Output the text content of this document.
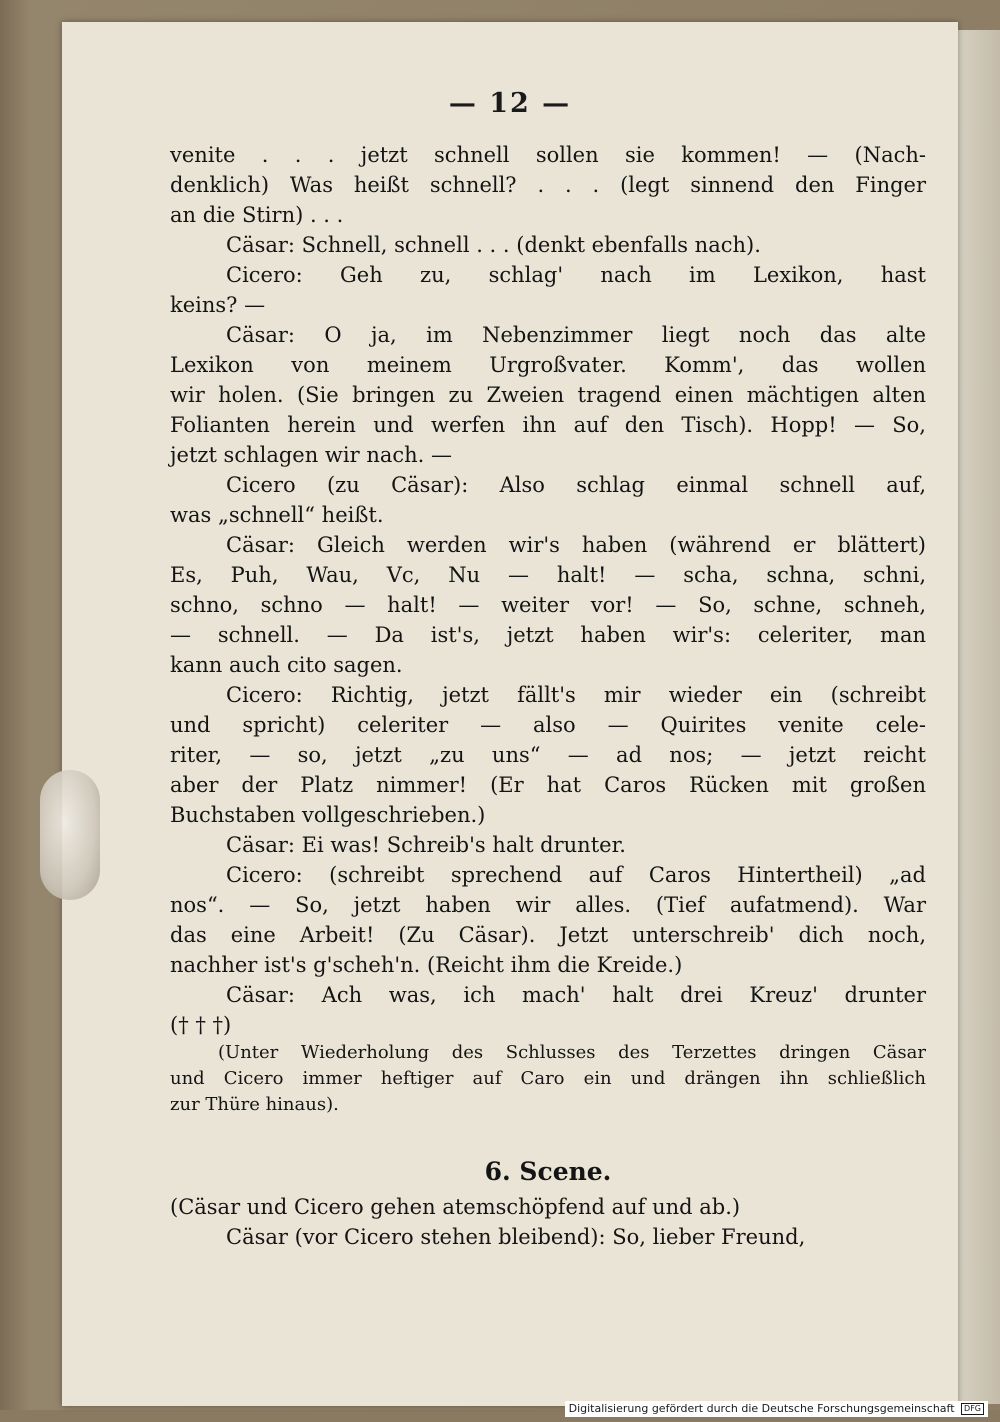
— 12 —
venite . . . jetzt schnell sollen sie kommen! — (Nach-
denklich) Was heißt schnell? . . . (legt sinnend den Finger
an die Stirn) . . .
Cäsar: Schnell, schnell . . . (denkt ebenfalls nach).
Cicero: Geh zu, schlag' nach im Lexikon, hast
keins? —
Cäsar: O ja, im Nebenzimmer liegt noch das alte
Lexikon von meinem Urgroßvater. Komm', das wollen
wir holen. (Sie bringen zu Zweien tragend einen mächtigen alten
Folianten herein und werfen ihn auf den Tisch). Hopp! — So,
jetzt schlagen wir nach. —
Cicero (zu Cäsar): Also schlag einmal schnell auf,
was „schnell“ heißt.
Cäsar: Gleich werden wir's haben (während er blättert)
Es, Puh, Wau, Vc, Nu — halt! — scha, schna, schni,
schno, schno — halt! — weiter vor! — So, schne, schneh,
— schnell. — Da ist's, jetzt haben wir's: celeriter, man
kann auch cito sagen.
Cicero: Richtig, jetzt fällt's mir wieder ein (schreibt
und spricht) celeriter — also — Quirites venite cele-
riter, — so, jetzt „zu uns“ — ad nos; — jetzt reicht
aber der Platz nimmer! (Er hat Caros Rücken mit großen
Buchstaben vollgeschrieben.)
Cäsar: Ei was! Schreib's halt drunter.
Cicero: (schreibt sprechend auf Caros Hintertheil) „ad
nos“. — So, jetzt haben wir alles. (Tief aufatmend). War
das eine Arbeit! (Zu Cäsar). Jetzt unterschreib' dich noch,
nachher ist's g'scheh'n. (Reicht ihm die Kreide.)
Cäsar: Ach was, ich mach' halt drei Kreuz' drunter
(† † †)
(Unter Wiederholung des Schlusses des Terzettes dringen Cäsar
und Cicero immer heftiger auf Caro ein und drängen ihn schließlich
zur Thüre hinaus).
6. Scene.
(Cäsar und Cicero gehen atemschöpfend auf und ab.)
Cäsar (vor Cicero stehen bleibend): So, lieber Freund,
Digitalisierung gefördert durch die Deutsche Forschungsgemeinschaft DFG
